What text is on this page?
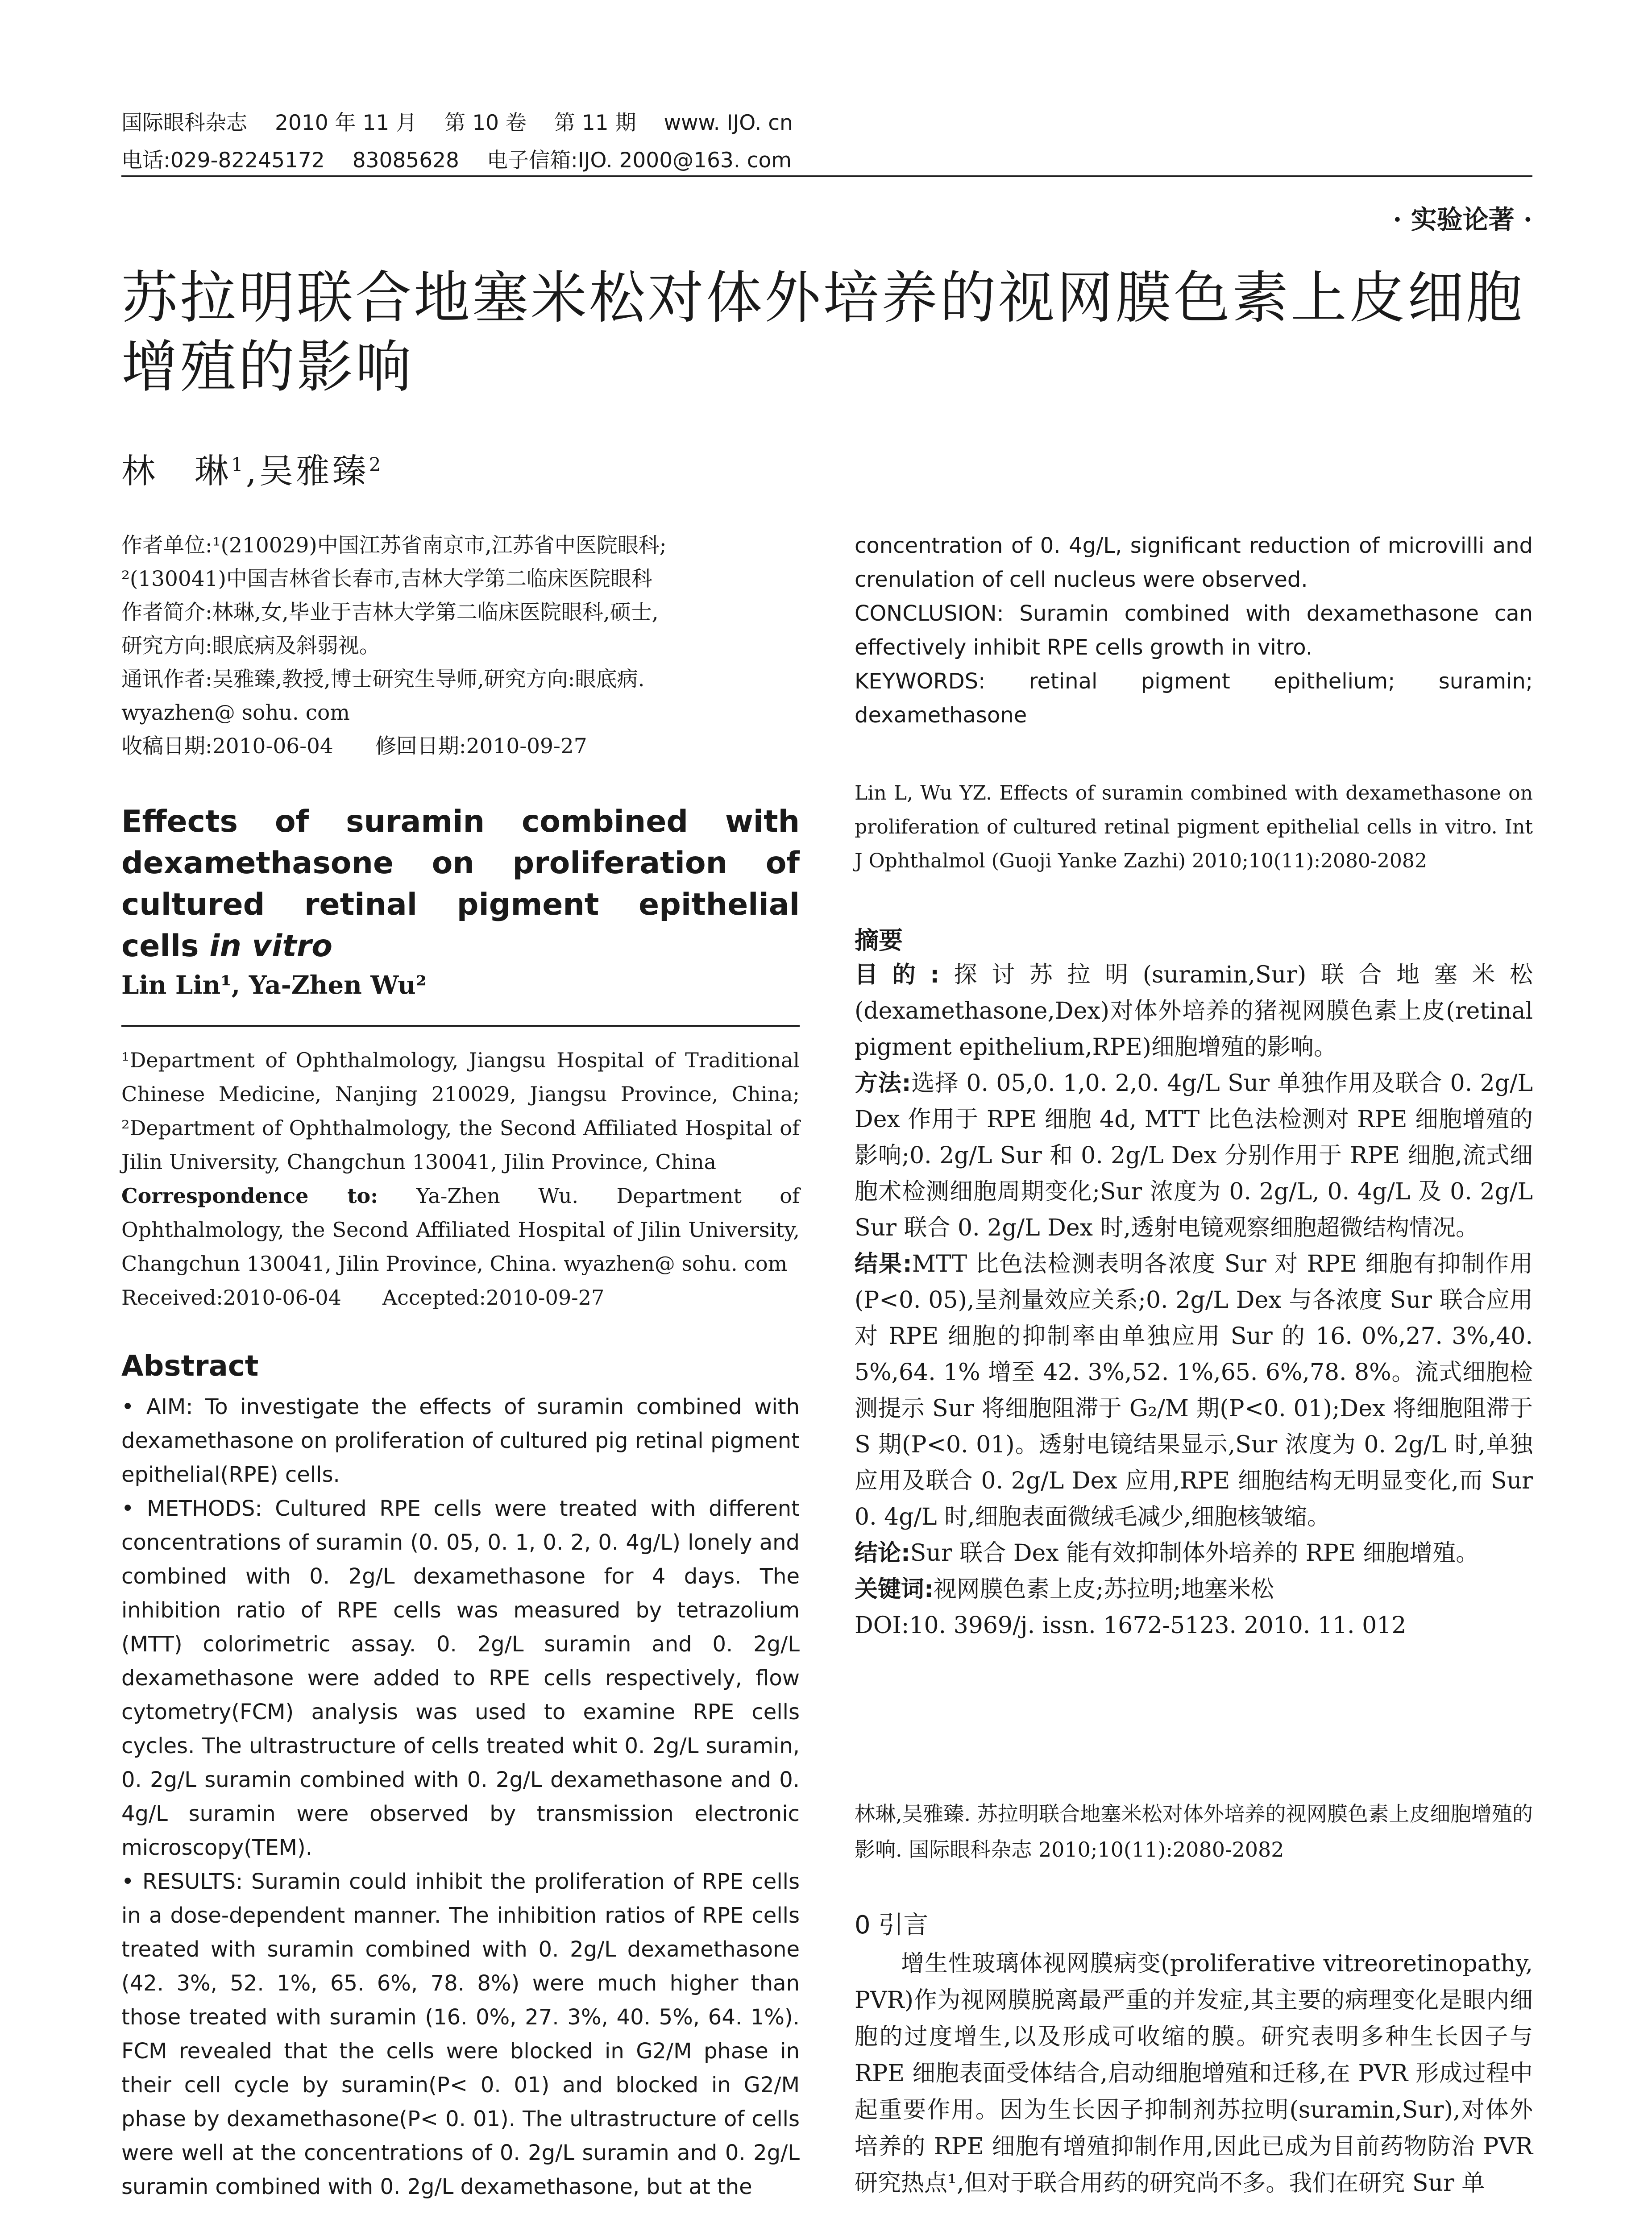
国际眼科杂志 2010 年 11 月 第 10 卷 第 11 期 www. IJO. cn
电话:029-82245172 83085628 电子信箱:IJO. 2000@163. com
· 实验论著 ·
苏拉明联合地塞米松对体外培养的视网膜色素上皮细胞增殖的影响
林　琳$^1$,吴雅臻$^2$

作者单位:¹(210029)中国江苏省南京市,江苏省中医院眼科;

²(130041)中国吉林省长春市,吉林大学第二临床医院眼科

作者简介:林琳,女,毕业于吉林大学第二临床医院眼科,硕士,

研究方向:眼底病及斜弱视。

通讯作者:吴雅臻,教授,博士研究生导师,研究方向:眼底病.

wyazhen@ sohu. com

收稿日期:2010-06-04　　修回日期:2010-09-27

Effects of suramin combined with dexamethasone on proliferation of cultured retinal pigment epithelial cells in vitro
Lin Lin¹, Ya-Zhen Wu²

¹Department of Ophthalmology, Jiangsu Hospital of Traditional Chinese Medicine, Nanjing 210029, Jiangsu Province, China; ²Department of Ophthalmology, the Second Affiliated Hospital of Jilin University, Changchun 130041, Jilin Province, China

Correspondence to: Ya-Zhen Wu. Department of Ophthalmology, the Second Affiliated Hospital of Jilin University, Changchun 130041, Jilin Province, China. wyazhen@ sohu. com

Received:2010-06-04　　Accepted:2010-09-27

Abstract

• AIM: To investigate the effects of suramin combined with dexamethasone on proliferation of cultured pig retinal pigment epithelial(RPE) cells.

• METHODS: Cultured RPE cells were treated with different concentrations of suramin (0. 05, 0. 1, 0. 2, 0. 4g/L) lonely and combined with 0. 2g/L dexamethasone for 4 days. The inhibition ratio of RPE cells was measured by tetrazolium (MTT) colorimetric assay. 0. 2g/L suramin and 0. 2g/L dexamethasone were added to RPE cells respectively, flow cytometry(FCM) analysis was used to examine RPE cells cycles. The ultrastructure of cells treated whit 0. 2g/L suramin, 0. 2g/L suramin combined with 0. 2g/L dexamethasone and 0. 4g/L suramin were observed by transmission electronic microscopy(TEM).

• RESULTS: Suramin could inhibit the proliferation of RPE cells in a dose-dependent manner. The inhibition ratios of RPE cells treated with suramin combined with 0. 2g/L dexamethasone (42. 3%, 52. 1%, 65. 6%, 78. 8%) were much higher than those treated with suramin (16. 0%, 27. 3%, 40. 5%, 64. 1%). FCM revealed that the cells were blocked in G2/M phase in their cell cycle by suramin(P< 0. 01) and blocked in G2/M phase by dexamethasone(P< 0. 01). The ultrastructure of cells were well at the concentrations of 0. 2g/L suramin and 0. 2g/L suramin combined with 0. 2g/L dexamethasone, but at the

concentration of 0. 4g/L, significant reduction of microvilli and crenulation of cell nucleus were observed.

CONCLUSION: Suramin combined with dexamethasone can effectively inhibit RPE cells growth in vitro.

KEYWORDS: retinal pigment epithelium; suramin; dexamethasone

Lin L, Wu YZ. Effects of suramin combined with dexamethasone on proliferation of cultured retinal pigment epithelial cells in vitro. Int J Ophthalmol (Guoji Yanke Zazhi) 2010;10(11):2080-2082
摘要

目的:探讨苏拉明(suramin,Sur)联合地塞米松(dexamethasone,Dex)对体外培养的猪视网膜色素上皮(retinal pigment epithelium,RPE)细胞增殖的影响。

方法:选择 0. 05,0. 1,0. 2,0. 4g/L Sur 单独作用及联合 0. 2g/L Dex 作用于 RPE 细胞 4d, MTT 比色法检测对 RPE 细胞增殖的影响;0. 2g/L Sur 和 0. 2g/L Dex 分别作用于 RPE 细胞,流式细胞术检测细胞周期变化;Sur 浓度为 0. 2g/L, 0. 4g/L 及 0. 2g/L Sur 联合 0. 2g/L Dex 时,透射电镜观察细胞超微结构情况。

结果:MTT 比色法检测表明各浓度 Sur 对 RPE 细胞有抑制作用(P<0. 05),呈剂量效应关系;0. 2g/L Dex 与各浓度 Sur 联合应用对 RPE 细胞的抑制率由单独应用 Sur 的 16. 0%,27. 3%,40. 5%,64. 1% 增至 42. 3%,52. 1%,65. 6%,78. 8%。流式细胞检测提示 Sur 将细胞阻滞于 G₂/M 期(P<0. 01);Dex 将细胞阻滞于 S 期(P<0. 01)。透射电镜结果显示,Sur 浓度为 0. 2g/L 时,单独应用及联合 0. 2g/L Dex 应用,RPE 细胞结构无明显变化,而 Sur 0. 4g/L 时,细胞表面微绒毛减少,细胞核皱缩。

结论:Sur 联合 Dex 能有效抑制体外培养的 RPE 细胞增殖。

关键词:视网膜色素上皮;苏拉明;地塞米松

DOI:10. 3969/j. issn. 1672-5123. 2010. 11. 012

林琳,吴雅臻. 苏拉明联合地塞米松对体外培养的视网膜色素上皮细胞增殖的影响. 国际眼科杂志 2010;10(11):2080-2082
0 引言
增生性玻璃体视网膜病变(proliferative vitreoretinopathy, PVR)作为视网膜脱离最严重的并发症,其主要的病理变化是眼内细胞的过度增生,以及形成可收缩的膜。研究表明多种生长因子与 RPE 细胞表面受体结合,启动细胞增殖和迁移,在 PVR 形成过程中起重要作用。因为生长因子抑制剂苏拉明(suramin,Sur),对体外培养的 RPE 细胞有增殖抑制作用,因此已成为目前药物防治 PVR 研究热点¹,但对于联合用药的研究尚不多。我们在研究 Sur 单
